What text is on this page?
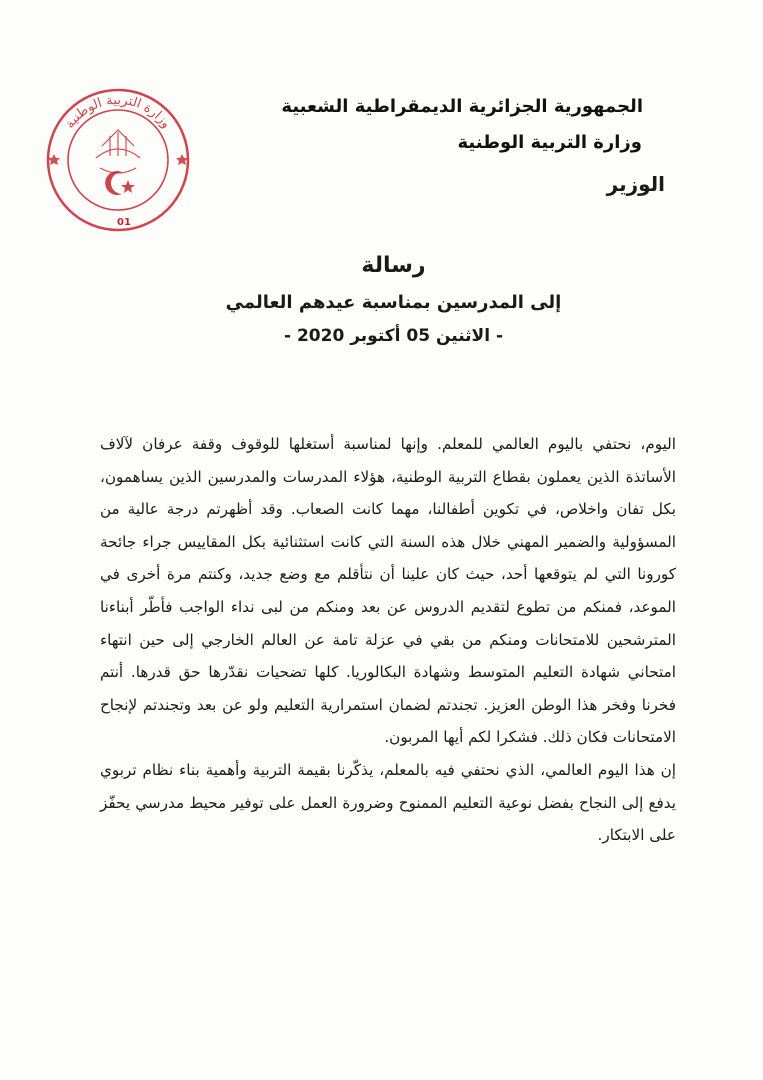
وزارة التربية الوطنية
01
الجمهورية الجزائرية الديمقراطية الشعبية
وزارة التربية الوطنية
الوزير
رسالة
إلى المدرسين بمناسبة عيدهم العالمي
- الاثنين 05 أكتوبر 2020 -

اليوم، نحتفي باليوم العالمي للمعلم. وإنها لمناسبة أستغلها للوقوف وقفة عرفان لآلاف الأساتذة الذين يعملون بقطاع التربية الوطنية، هؤلاء المدرسات والمدرسين الذين يساهمون، بكل تفان واخلاص، في تكوين أطفالنا، مهما كانت الصعاب. وقد أظهرتم درجة عالية من المسؤولية والضمير المهني خلال هذه السنة التي كانت استثنائية بكل المقاييس جراء جائحة كورونا التي لم يتوقعها أحد، حيث كان علينا أن نتأقلم مع وضع جديد، وكنتم مرة أخرى في الموعد، فمنكم من تطوع لتقديم الدروس عن بعد ومنكم من لبى نداء الواجب فأطّر أبناءنا المترشحين للامتحانات ومنكم من بقي في عزلة تامة عن العالم الخارجي إلى حين انتهاء امتحاني شهادة التعليم المتوسط وشهادة البكالوريا. كلها تضحيات نقدّرها حق قدرها. أنتم فخرنا وفخر هذا الوطن العزيز. تجندتم لضمان استمرارية التعليم ولو عن بعد وتجندتم لإنجاح الامتحانات فكان ذلك. فشكرا لكم أيها المربون.

إن هذا اليوم العالمي، الذي نحتفي فيه بالمعلم، يذكّرنا بقيمة التربية وأهمية بناء نظام تربوي يدفع إلى النجاح بفضل نوعية التعليم الممنوح وضرورة العمل على توفير محيط مدرسي يحفّز على الابتكار.
